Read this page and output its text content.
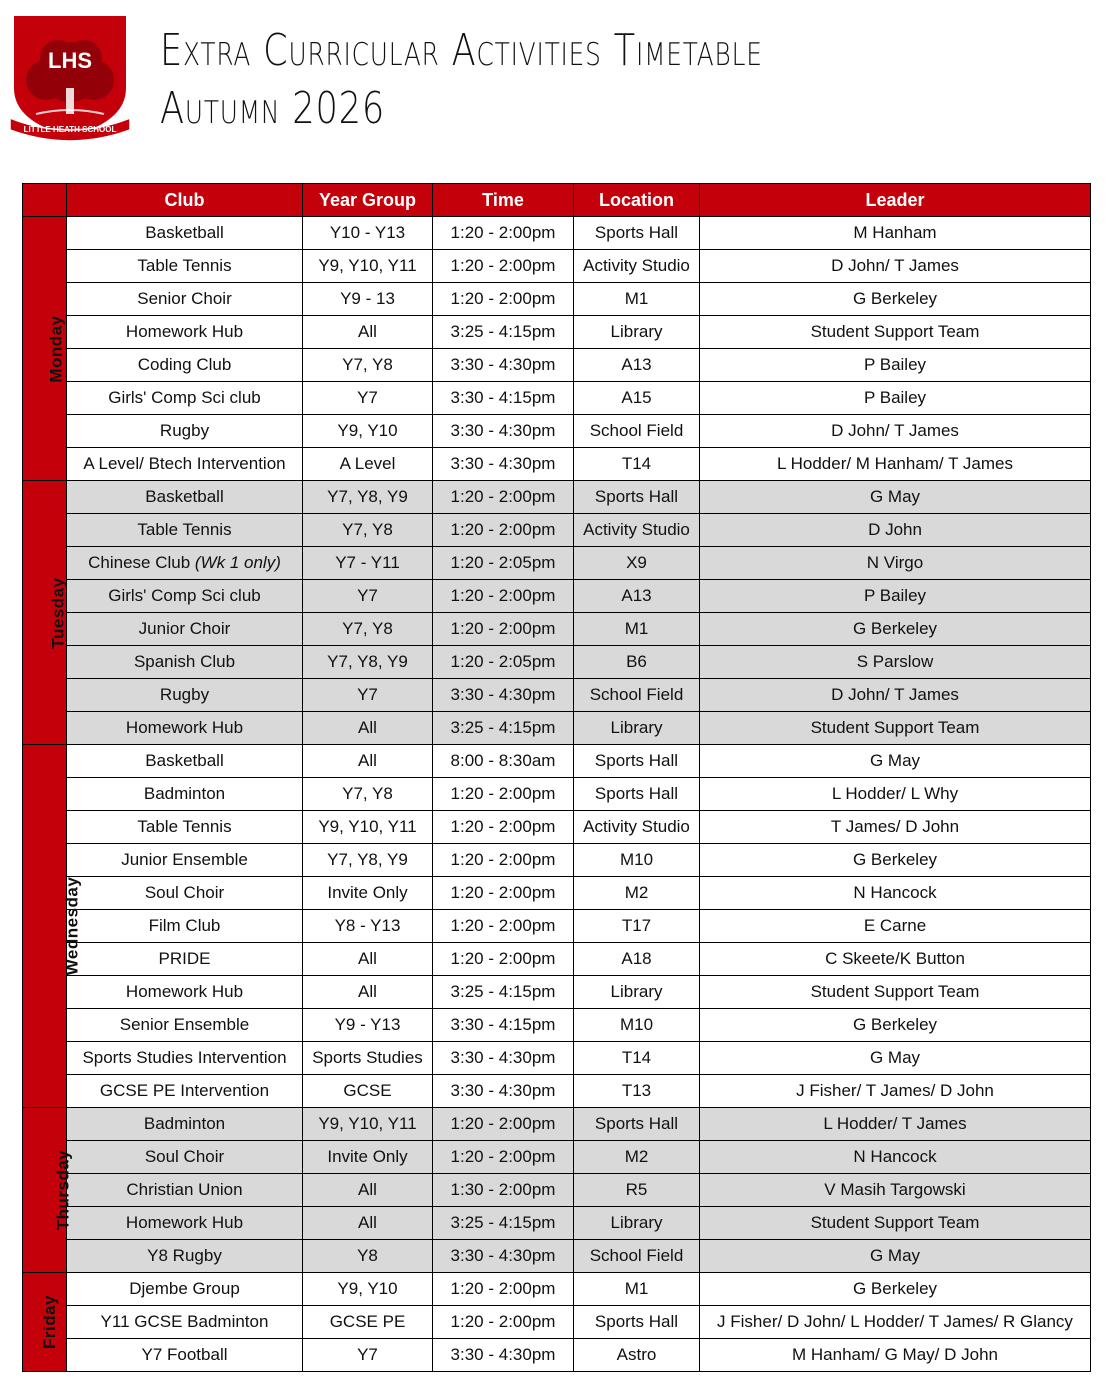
LHS
LITTLE HEATH SCHOOL
Extra Curricular Activities Timetable
Autumn 2026
	Club	Year Group	Time	Location	Leader
Monday	Basketball	Y10 - Y13	1:20 - 2:00pm	Sports Hall	M Hanham
	Table Tennis	Y9, Y10, Y11	1:20 - 2:00pm	Activity Studio	D John/ T James
	Senior Choir	Y9 - 13	1:20 - 2:00pm	M1	G Berkeley
	Homework Hub	All	3:25 - 4:15pm	Library	Student Support Team
	Coding Club	Y7, Y8	3:30 - 4:30pm	A13	P Bailey
	Girls' Comp Sci club	Y7	3:30 - 4:15pm	A15	P Bailey
	Rugby	Y9, Y10	3:30 - 4:30pm	School Field	D John/ T James
	A Level/ Btech Intervention	A Level	3:30 - 4:30pm	T14	L Hodder/ M Hanham/ T James
Tuesday	Basketball	Y7, Y8, Y9	1:20 - 2:00pm	Sports Hall	G May
	Table Tennis	Y7, Y8	1:20 - 2:00pm	Activity Studio	D John
	Chinese Club (Wk 1 only)	Y7 - Y11	1:20 - 2:05pm	X9	N Virgo
	Girls' Comp Sci club	Y7	1:20 - 2:00pm	A13	P Bailey
	Junior Choir	Y7, Y8	1:20 - 2:00pm	M1	G Berkeley
	Spanish Club	Y7, Y8, Y9	1:20 - 2:05pm	B6	S Parslow
	Rugby	Y7	3:30 - 4:30pm	School Field	D John/ T James
	Homework Hub	All	3:25 - 4:15pm	Library	Student Support Team
Wednesday	Basketball	All	8:00 - 8:30am	Sports Hall	G May
	Badminton	Y7, Y8	1:20 - 2:00pm	Sports Hall	L Hodder/ L Why
	Table Tennis	Y9, Y10, Y11	1:20 - 2:00pm	Activity Studio	T James/ D John
	Junior Ensemble	Y7, Y8, Y9	1:20 - 2:00pm	M10	G Berkeley
	Soul Choir	Invite Only	1:20 - 2:00pm	M2	N Hancock
	Film Club	Y8 - Y13	1:20 - 2:00pm	T17	E Carne
	PRIDE	All	1:20 - 2:00pm	A18	C Skeete/K Button
	Homework Hub	All	3:25 - 4:15pm	Library	Student Support Team
	Senior Ensemble	Y9 - Y13	3:30 - 4:15pm	M10	G Berkeley
	Sports Studies Intervention	Sports Studies	3:30 - 4:30pm	T14	G May
	GCSE PE Intervention	GCSE	3:30 - 4:30pm	T13	J Fisher/ T James/ D John
Thursday	Badminton	Y9, Y10, Y11	1:20 - 2:00pm	Sports Hall	L Hodder/ T James
	Soul Choir	Invite Only	1:20 - 2:00pm	M2	N Hancock
	Christian Union	All	1:30 - 2:00pm	R5	V Masih Targowski
	Homework Hub	All	3:25 - 4:15pm	Library	Student Support Team
	Y8 Rugby	Y8	3:30 - 4:30pm	School Field	G May
Friday	Djembe Group	Y9, Y10	1:20 - 2:00pm	M1	G Berkeley
	Y11 GCSE Badminton	GCSE PE	1:20 - 2:00pm	Sports Hall	J Fisher/ D John/ L Hodder/ T James/ R Glancy
	Y7 Football	Y7	3:30 - 4:30pm	Astro	M Hanham/ G May/ D John
